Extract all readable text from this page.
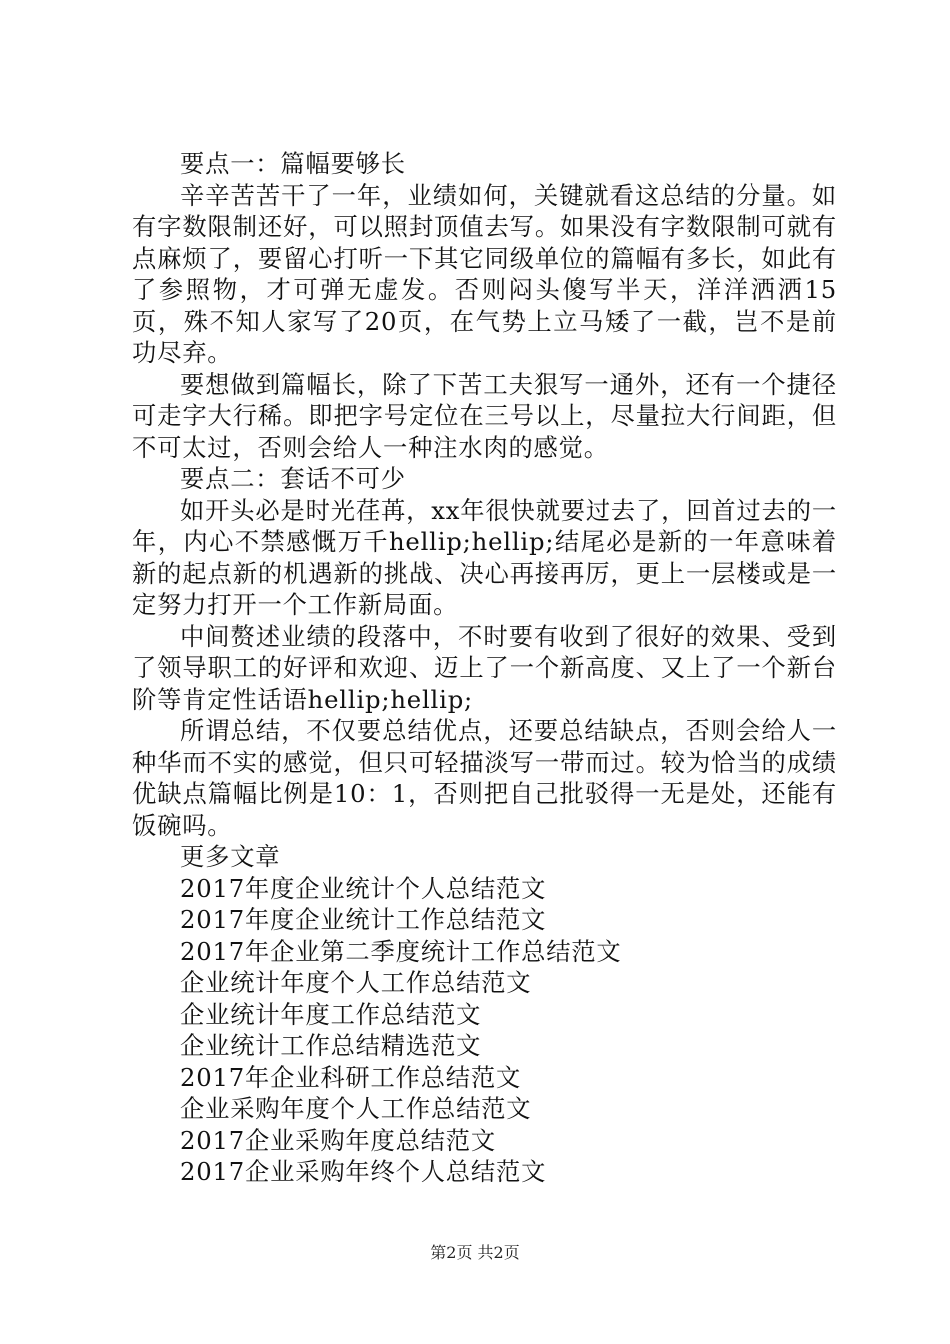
要点一：篇幅要够长

辛辛苦苦干了一年，业绩如何，关键就看这总结的分量。如有字数限制还好，可以照封顶值去写。如果没有字数限制可就有点麻烦了，要留心打听一下其它同级单位的篇幅有多长，如此有了参照物，才可弹无虚发。否则闷头傻写半天，洋洋洒洒15页，殊不知人家写了20页，在气势上立马矮了一截，岂不是前功尽弃。

要想做到篇幅长，除了下苦工夫狠写一通外，还有一个捷径可走字大行稀。即把字号定位在三号以上，尽量拉大行间距，但不可太过，否则会给人一种注水肉的感觉。

要点二：套话不可少

如开头必是时光荏苒，xx年很快就要过去了，回首过去的一年，内心不禁感慨万千hellip;hellip;结尾必是新的一年意味着新的起点新的机遇新的挑战、决心再接再厉，更上一层楼或是一定努力打开一个工作新局面。

中间赘述业绩的段落中，不时要有收到了很好的效果、受到了领导职工的好评和欢迎、迈上了一个新高度、又上了一个新台阶等肯定性话语hellip;hellip;

所谓总结，不仅要总结优点，还要总结缺点，否则会给人一种华而不实的感觉，但只可轻描淡写一带而过。较为恰当的成绩优缺点篇幅比例是10：1，否则把自己批驳得一无是处，还能有饭碗吗。

更多文章

2017年度企业统计个人总结范文
2017年度企业统计工作总结范文
2017年企业第二季度统计工作总结范文
企业统计年度个人工作总结范文
企业统计年度工作总结范文
企业统计工作总结精选范文
2017年企业科研工作总结范文
企业采购年度个人工作总结范文
2017企业采购年度总结范文
2017企业采购年终个人总结范文
第2页 共2页
